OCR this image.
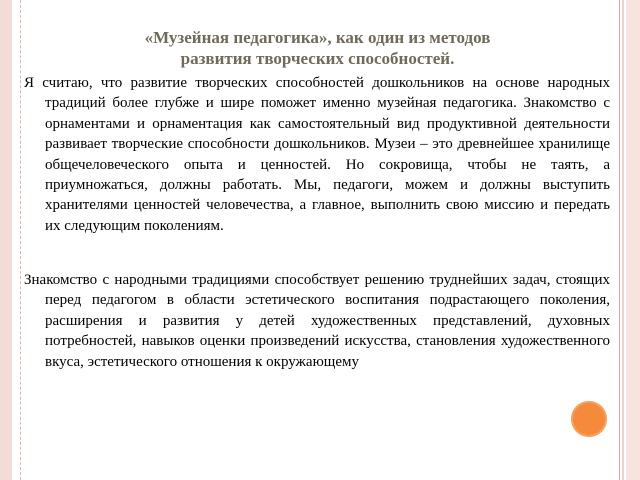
«Музейная педагогика», как один из методов
развития творческих способностей.

Я считаю, что развитие творческих способностей дошкольников на основе народных традиций более глубже и шире поможет именно музейная педагогика. Знакомство с орнаментами и орнаментация как самостоятельный вид продуктивной деятельности развивает творческие способности дошкольников. Музеи – это древнейшее хранилище общечеловеческого опыта и ценностей. Но сокровища, чтобы не таять, а приумножаться, должны работать. Мы, педагоги, можем и должны выступить хранителями ценностей человечества, а главное, выполнить свою миссию и передать их следующим поколениям.

Знакомство с народными традициями способствует решению труднейших задач, стоящих перед педагогом в области эстетического воспитания подрастающего поколения, расширения и развития у детей художественных представлений, духовных потребностей, навыков оценки произведений искусства, становления художественного вкуса, эстетического отношения к окружающему
